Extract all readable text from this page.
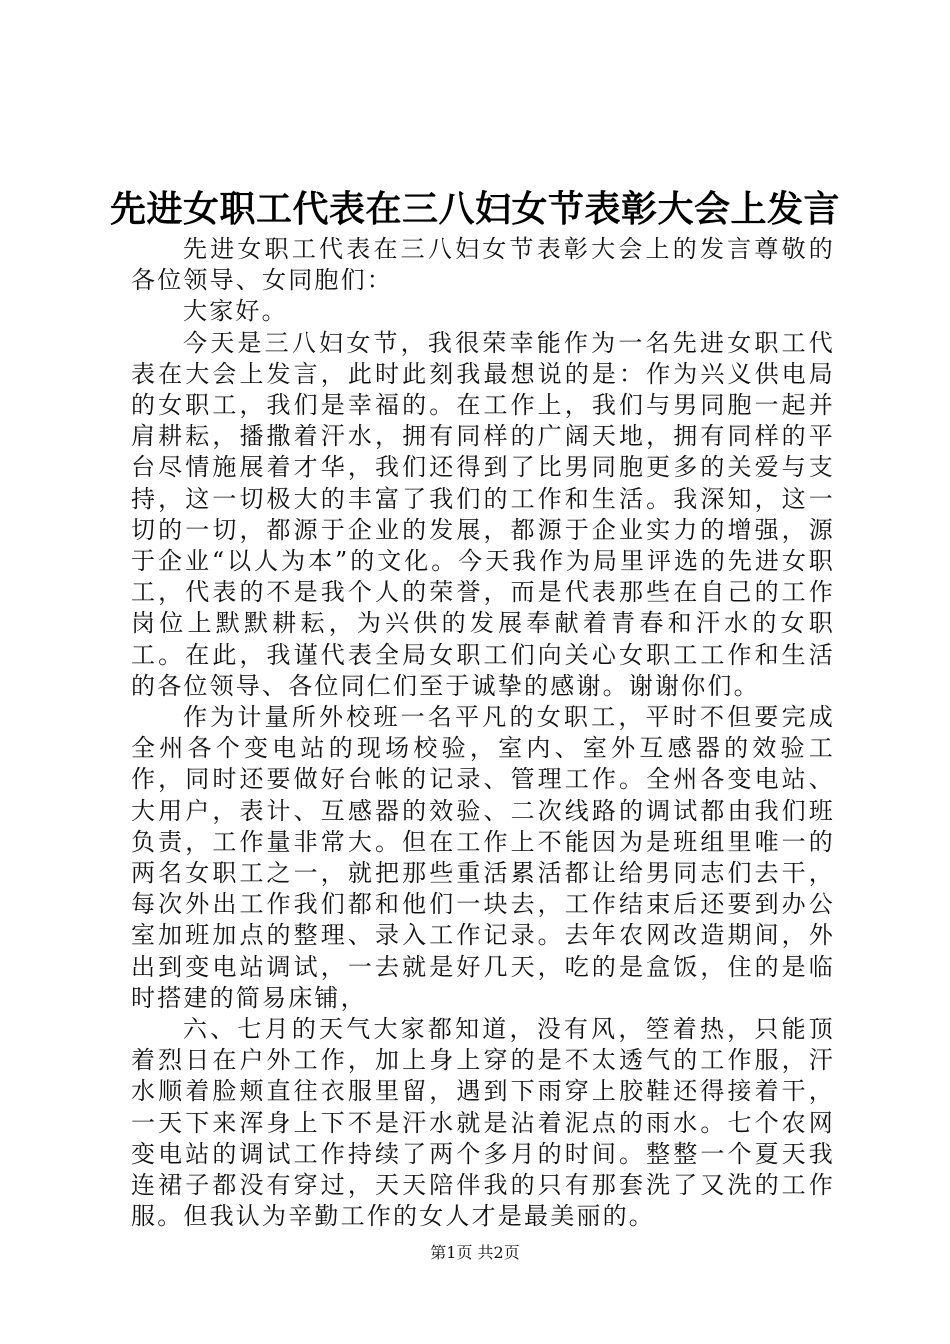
先进女职工代表在三八妇女节表彰大会上发言

先进女职工代表在三八妇女节表彰大会上的发言尊敬的各位领导、女同胞们：

大家好。

今天是三八妇女节，我很荣幸能作为一名先进女职工代表在大会上发言，此时此刻我最想说的是：作为兴义供电局的女职工，我们是幸福的。在工作上，我们与男同胞一起并肩耕耘，播撒着汗水，拥有同样的广阔天地，拥有同样的平台尽情施展着才华，我们还得到了比男同胞更多的关爱与支持，这一切极大的丰富了我们的工作和生活。我深知，这一切的一切，都源于企业的发展，都源于企业实力的增强，源于企业“以人为本”的文化。今天我作为局里评选的先进女职工，代表的不是我个人的荣誉，而是代表那些在自己的工作岗位上默默耕耘，为兴供的发展奉献着青春和汗水的女职工。在此，我谨代表全局女职工们向关心女职工工作和生活的各位领导、各位同仁们至于诚挚的感谢。谢谢你们。

作为计量所外校班一名平凡的女职工，平时不但要完成全州各个变电站的现场校验，室内、室外互感器的效验工作，同时还要做好台帐的记录、管理工作。全州各变电站、大用户，表计、互感器的效验、二次线路的调试都由我们班负责，工作量非常大。但在工作上不能因为是班组里唯一的两名女职工之一，就把那些重活累活都让给男同志们去干，每次外出工作我们都和他们一块去，工作结束后还要到办公室加班加点的整理、录入工作记录。去年农网改造期间，外出到变电站调试，一去就是好几天，吃的是盒饭，住的是临时搭建的简易床铺，

六、七月的天气大家都知道，没有风，箜着热，只能顶着烈日在户外工作，加上身上穿的是不太透气的工作服，汗水顺着脸颊直往衣服里留，遇到下雨穿上胶鞋还得接着干，一天下来浑身上下不是汗水就是沾着泥点的雨水。七个农网变电站的调试工作持续了两个多月的时间。整整一个夏天我连裙子都没有穿过，天天陪伴我的只有那套洗了又洗的工作服。但我认为辛勤工作的女人才是最美丽的。

第1页 共2页
